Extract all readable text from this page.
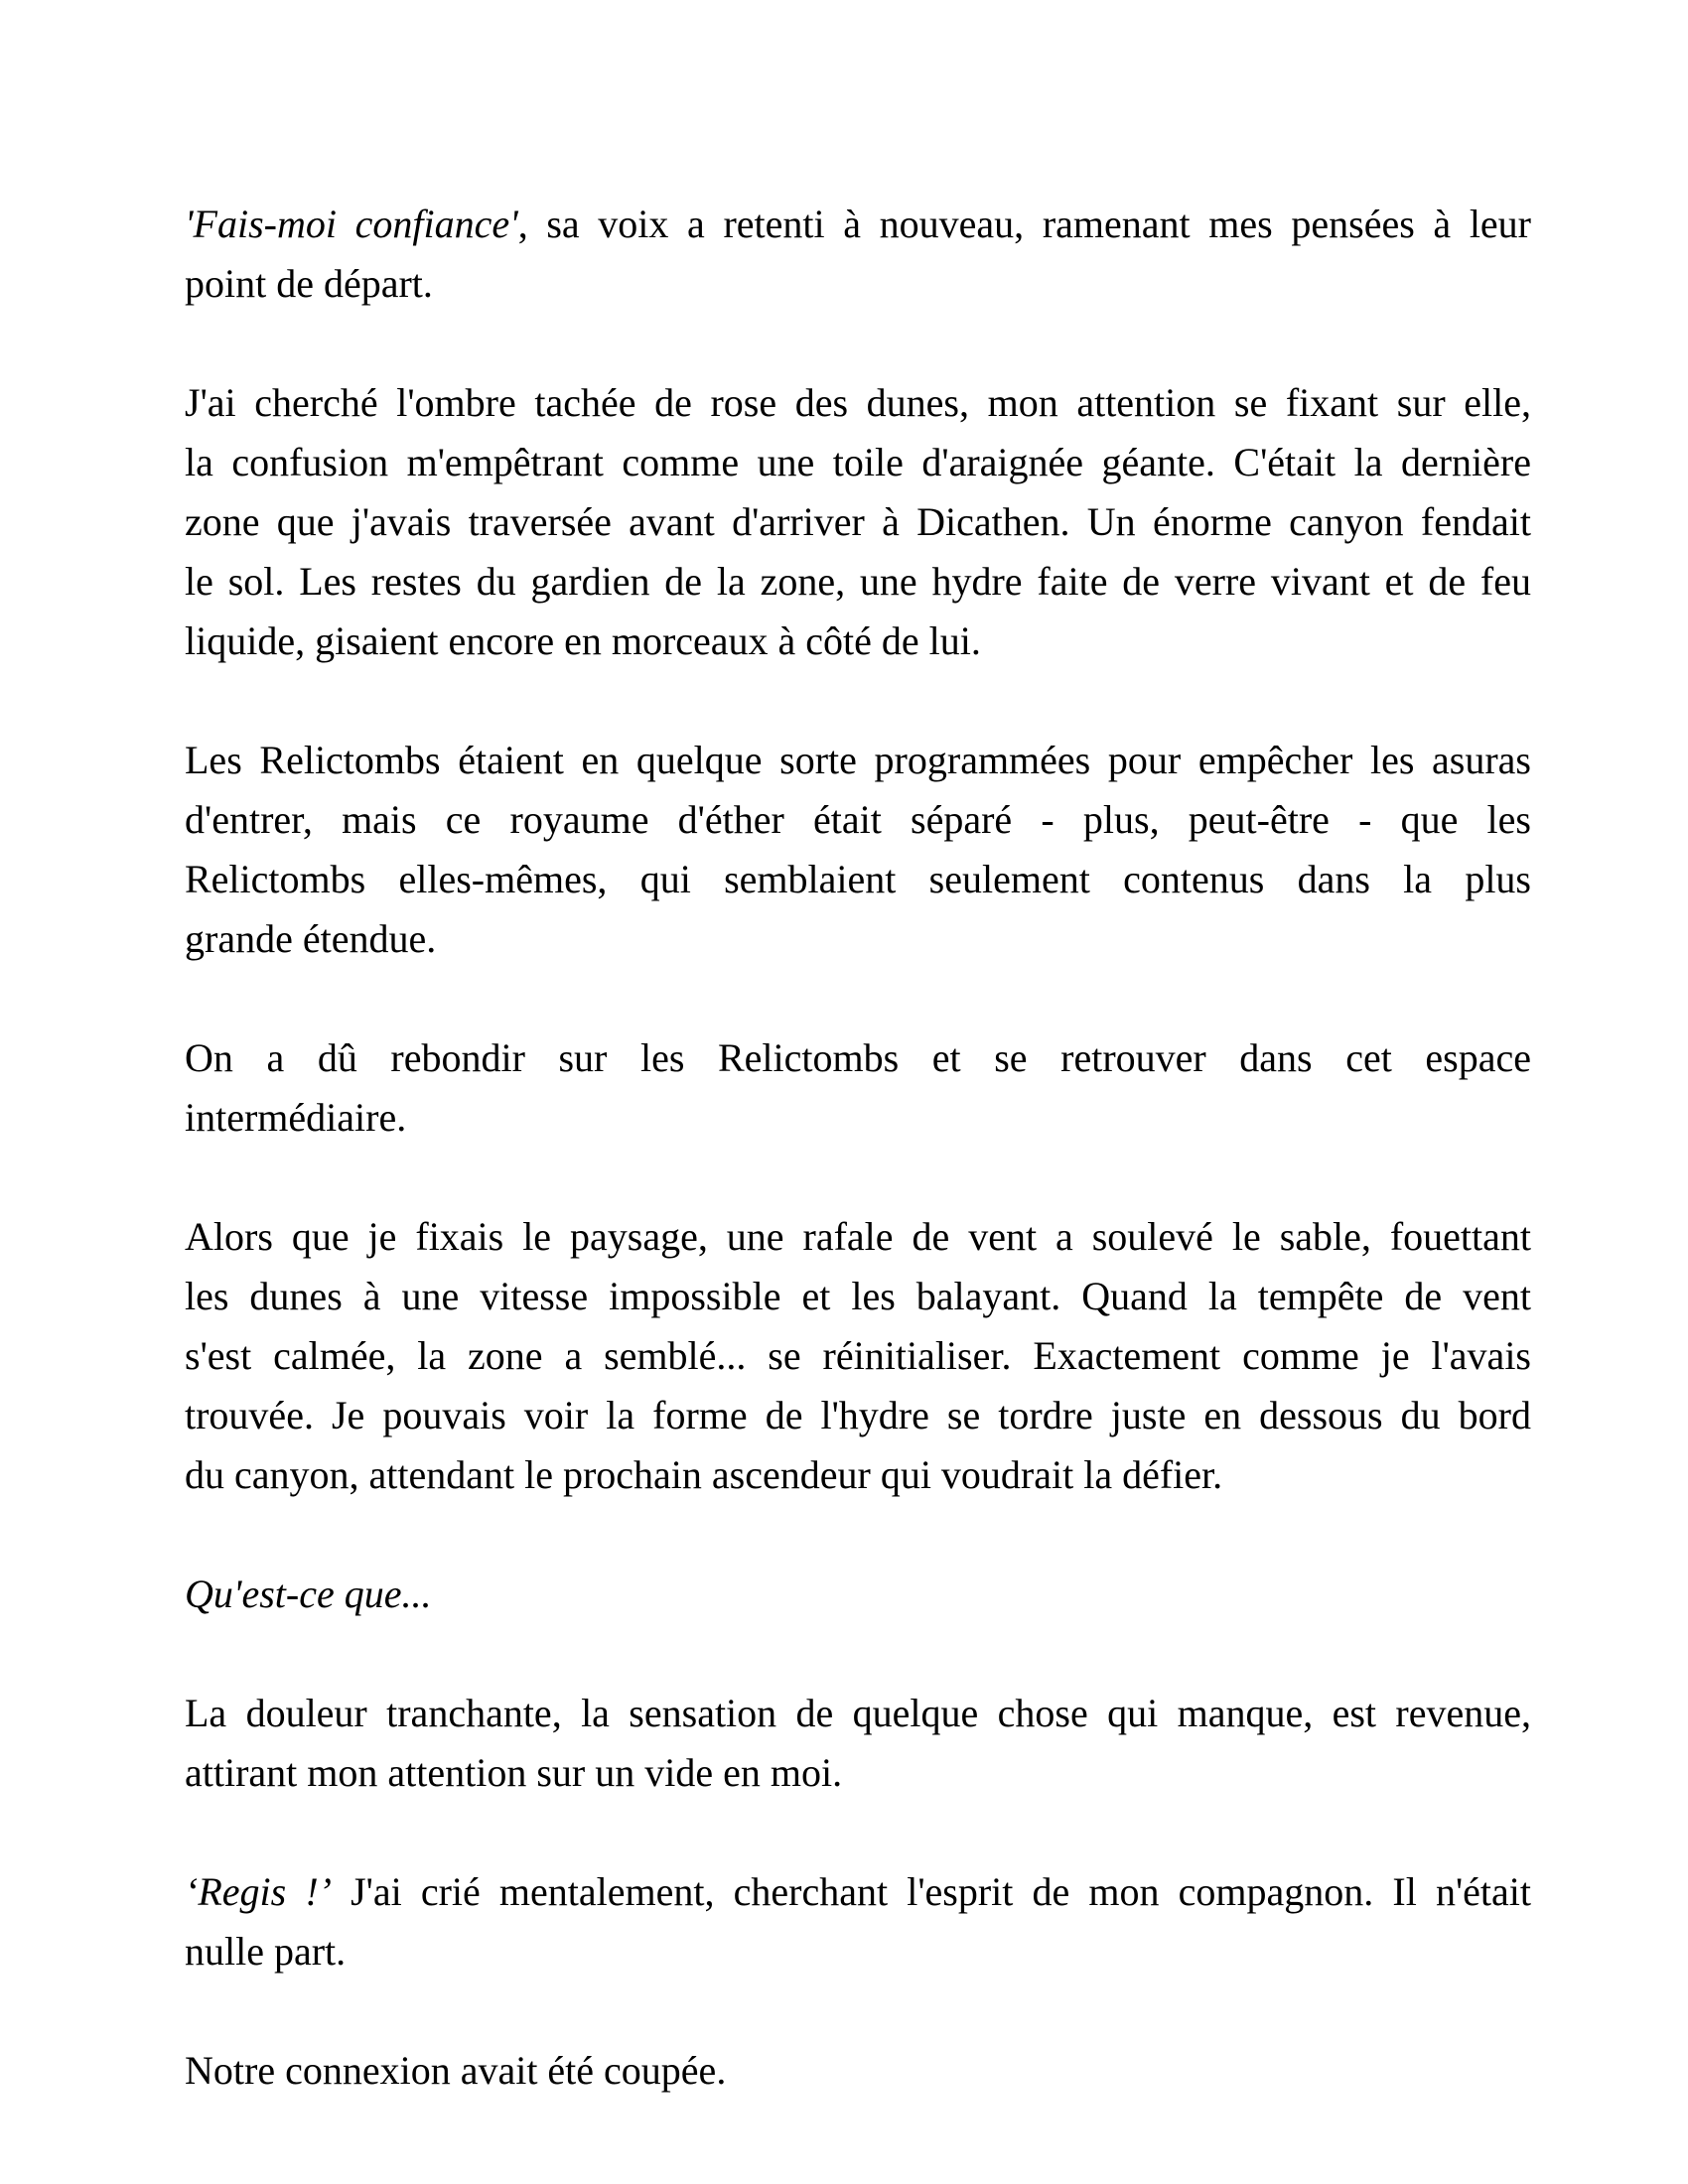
'Fais-moi confiance', sa voix a retenti à nouveau, ramenant mes pensées à leur
point de départ.

J'ai cherché l'ombre tachée de rose des dunes, mon attention se fixant sur elle,
la confusion m'empêtrant comme une toile d'araignée géante. C'était la dernière
zone que j'avais traversée avant d'arriver à Dicathen. Un énorme canyon fendait
le sol. Les restes du gardien de la zone, une hydre faite de verre vivant et de feu
liquide, gisaient encore en morceaux à côté de lui.

Les Relictombs étaient en quelque sorte programmées pour empêcher les asuras
d'entrer, mais ce royaume d'éther était séparé - plus, peut-être - que les
Relictombs elles-mêmes, qui semblaient seulement contenus dans la plus
grande étendue.

On a dû rebondir sur les Relictombs et se retrouver dans cet espace
intermédiaire.

Alors que je fixais le paysage, une rafale de vent a soulevé le sable, fouettant
les dunes à une vitesse impossible et les balayant. Quand la tempête de vent
s'est calmée, la zone a semblé... se réinitialiser. Exactement comme je l'avais
trouvée. Je pouvais voir la forme de l'hydre se tordre juste en dessous du bord
du canyon, attendant le prochain ascendeur qui voudrait la défier.

Qu'est-ce que...

La douleur tranchante, la sensation de quelque chose qui manque, est revenue,
attirant mon attention sur un vide en moi.

‘Regis !’ J'ai crié mentalement, cherchant l'esprit de mon compagnon. Il n'était
nulle part.

Notre connexion avait été coupée.
